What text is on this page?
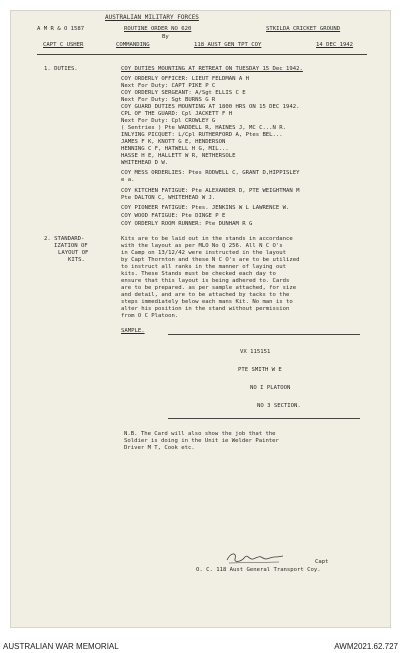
AUSTRALIAN MILITARY FORCES
A M R & O 1587	ROUTINE ORDER NO 620	STKILDA CRICKET GROUND
By
CAPT C USHER	COMMANDING	118 AUST GEN TPT COY	14 DEC 1942
1. DUTIES.	COY DUTIES MOUNTING AT RETREAT ON TUESDAY 15 Dec 1942.
COY ORDERLY OFFICER: LIEUT FELDMAN A H
Next For Duty: CAPT PIKE P C
COY ORDERLY SERGEANT: A/Sgt ELLIS C E
Next For Duty: Sgt BURNS G R
COY GUARD DUTIES MOUNTING AT 1800 HRS ON 15 DEC 1942.
CPL OF THE GUARD: Cpl JACKETT F H
Next For Duty: Cpl CROWLEY G
( Sentries ) Pte WADDELL R, HAINES J, MC C...N R.
INLYING PICQUET: L/Cpl RUTHERFORD A, Ptes BEL...
JAMES F K, KNOTT G E, HENDERSON
HENNING C F, HATWELL H G, MIL...
HASSE H E, HALLETT W R, NETHERSOLE
WHITEHEAD D W.
COY MESS ORDERLIES: Ptes RODWELL C, GRANT D,HIPPISLEY
e a.
COY KITCHEN FATIGUE: Pte ALEXANDER D, PTE WEIGHTMAN M
Pte DALTON C, WHITEHEAD W J.
COY PIONEER FATIGUE: Ptes. JENKINS W L LAWRENCE W.
COY WOOD FATIGUE: Pte DINGE P E
COY ORDERLY ROOM RUNNER: Pte DUNHAM R G
2. STANDARD-
IZATION OF
LAYOUT OF
KITS.
Kits are to be laid out in the stands in accordance
with the layout as per MLO No Q 256. All N C O's
in Camp on 13/12/42 were instructed in the layout
by Capt Thornton and these N C O's are to be utilized
to instruct all ranks in the manner of laying out
kits. These Stands must be checked each day to
ensure that this layout is being adhered to. Cards
are to be prepared. as per sample attached, for size
and detail, and are to be attached by tacks to the
steps immediately below each mans Kit. No man is to
alter his position in the stand without permission
from O C Platoon.
SAMPLE.
VX 115151
PTE SMITH W E
NO I PLATOON
NO 3 SECTION.
N.B. The Card will also show the job that the
Soldier is doing in the Unit ie Welder Painter
Driver M T, Cook etc.
Capt
O. C. 118 Aust General Transport Coy.
AUSTRALIAN WAR MEMORIAL	AWM2021.62.727
